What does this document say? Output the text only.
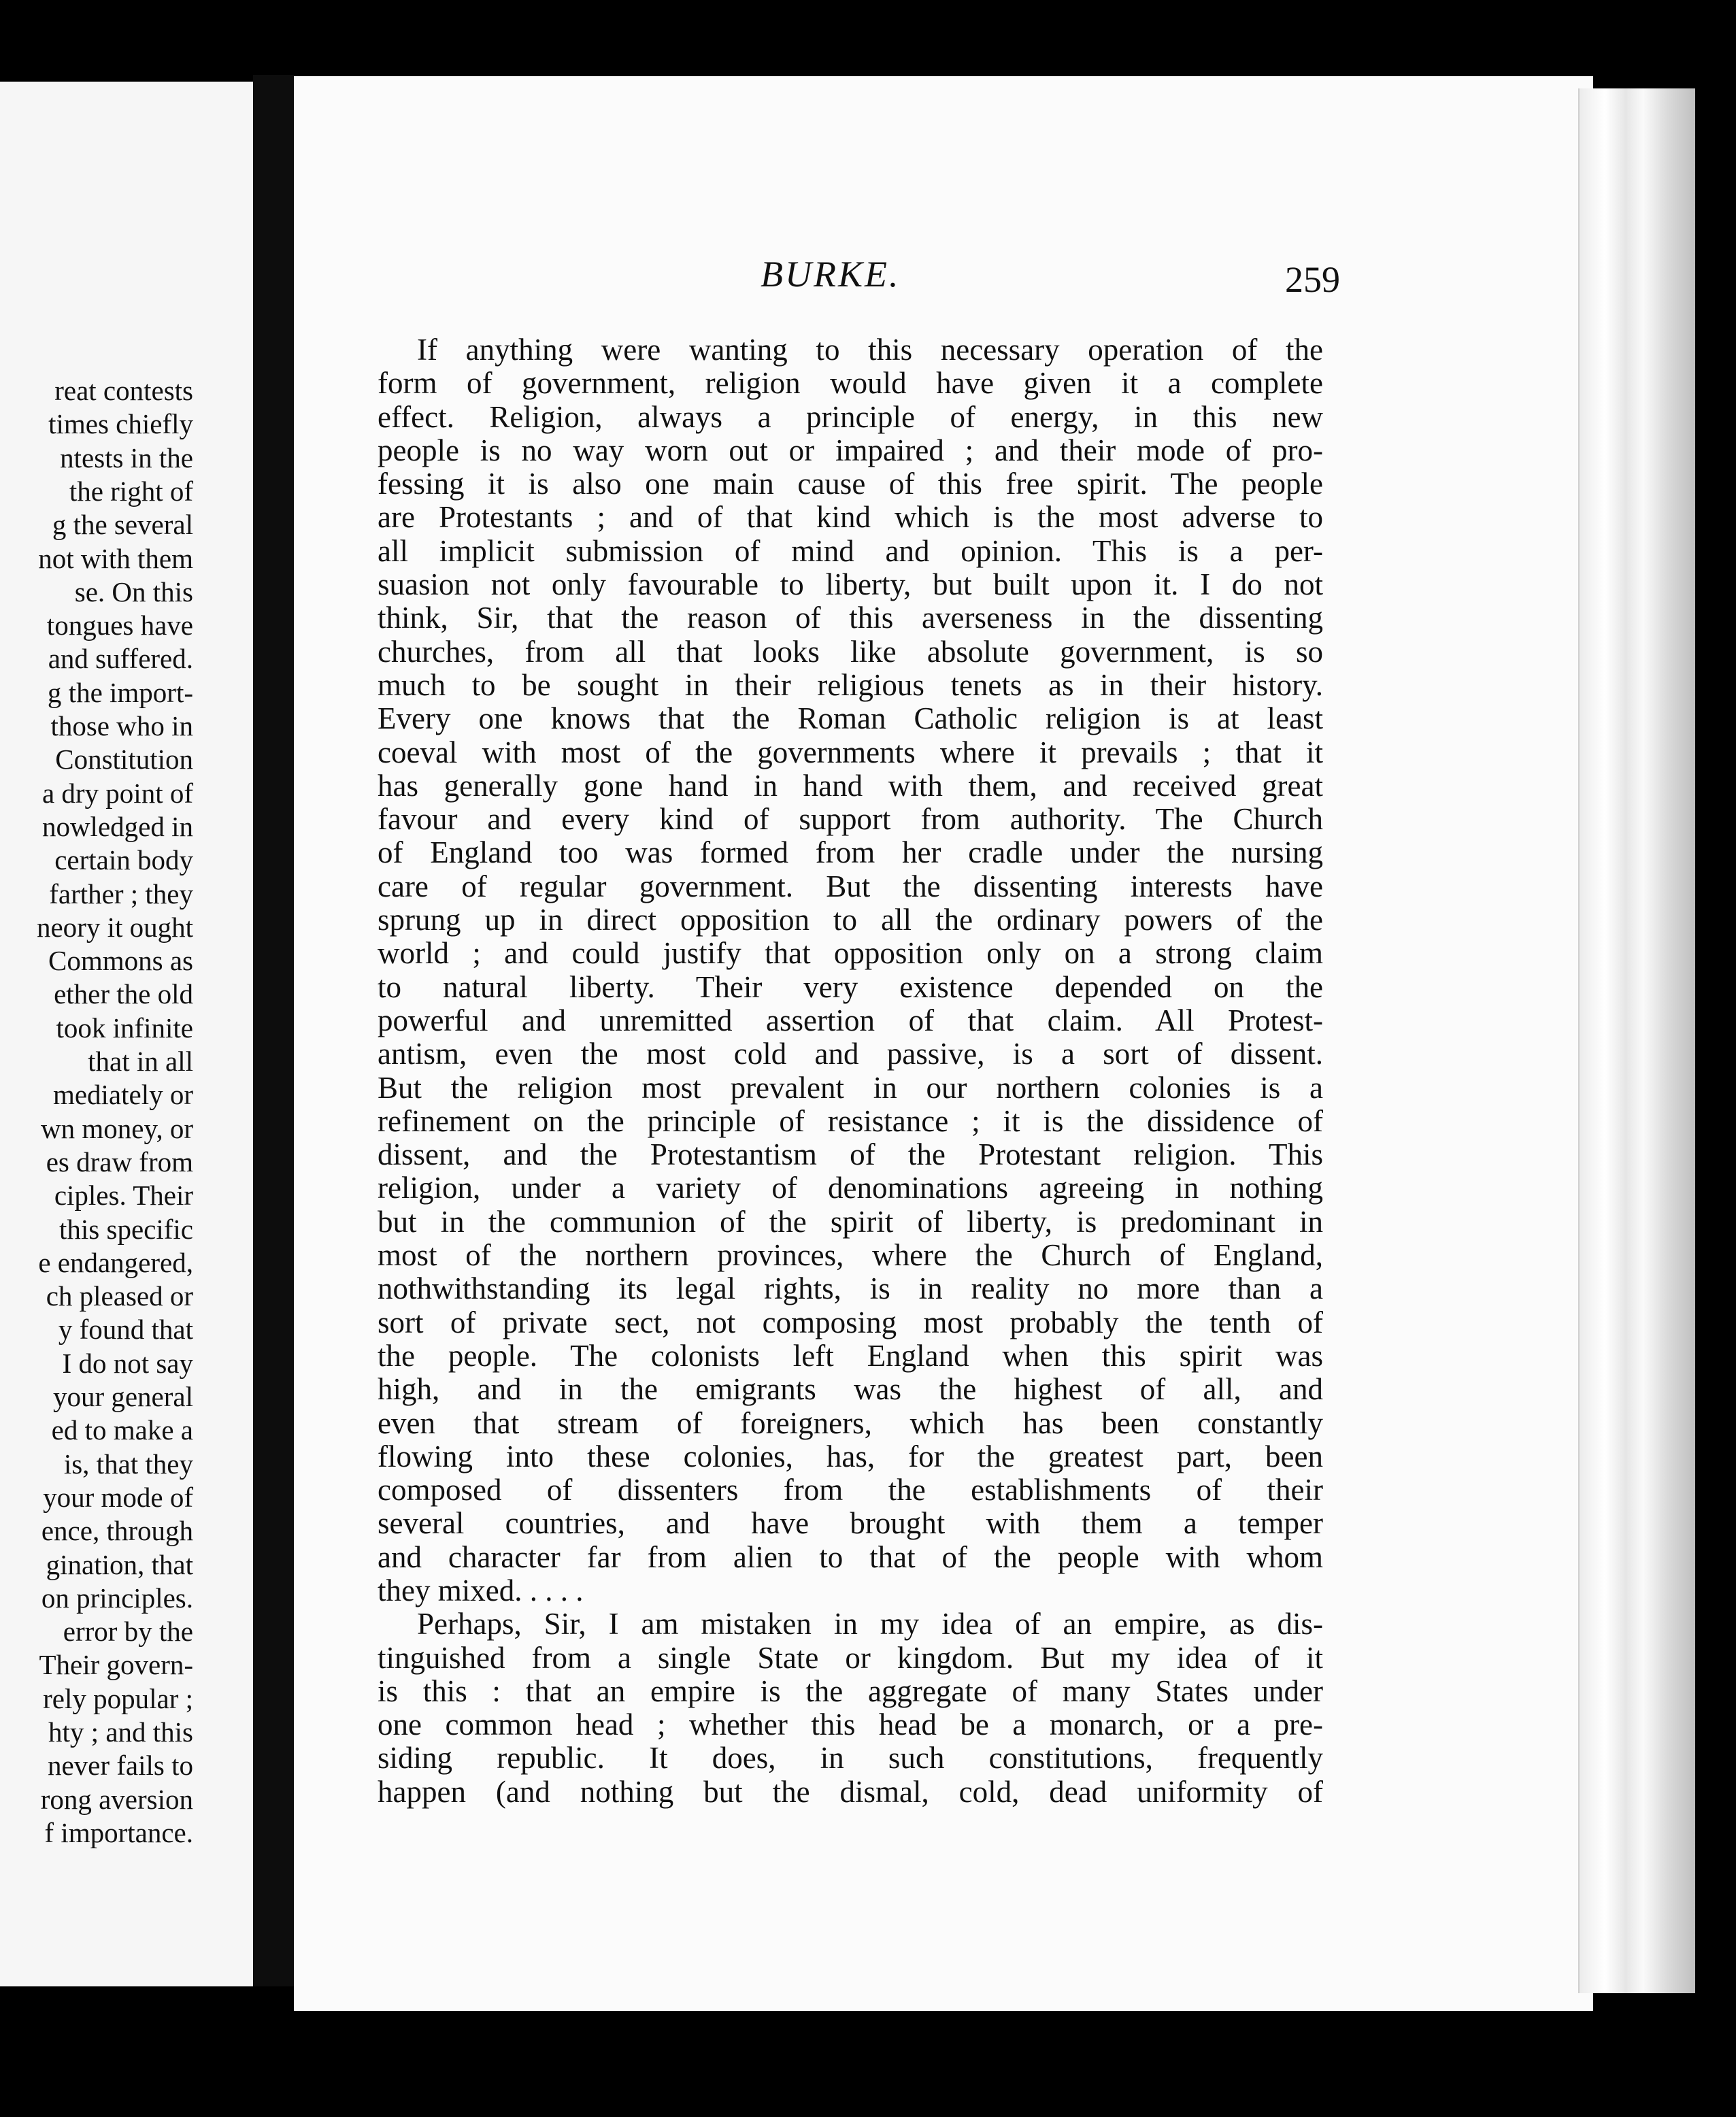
reat contests
times chiefly
ntests in the
the right of
g the several
not with them
se. On this
tongues have
and suffered.
g the import-
those who in
Constitution
a dry point of
nowledged in
certain body
farther ; they
neory it ought
Commons as
ether the old
took infinite
that in all
mediately or
wn money, or
es draw from
ciples. Their
this specific
e endangered,
ch pleased or
y found that
I do not say
your general
ed to make a
is, that they
your mode of
ence, through
gination, that
on principles.
error by the
Their govern-
rely popular ;
hty ; and this
never fails to
rong aversion
f importance.
BURKE.	259
If anything were wanting to this necessary operation of the
form of government, religion would have given it a complete
effect. Religion, always a principle of energy, in this new
people is no way worn out or impaired ; and their mode of pro-
fessing it is also one main cause of this free spirit. The people
are Protestants ; and of that kind which is the most adverse to
all implicit submission of mind and opinion. This is a per-
suasion not only favourable to liberty, but built upon it. I do not
think, Sir, that the reason of this averseness in the dissenting
churches, from all that looks like absolute government, is so
much to be sought in their religious tenets as in their history.
Every one knows that the Roman Catholic religion is at least
coeval with most of the governments where it prevails ; that it
has generally gone hand in hand with them, and received great
favour and every kind of support from authority. The Church
of England too was formed from her cradle under the nursing
care of regular government. But the dissenting interests have
sprung up in direct opposition to all the ordinary powers of the
world ; and could justify that opposition only on a strong claim
to natural liberty. Their very existence depended on the
powerful and unremitted assertion of that claim. All Protest-
antism, even the most cold and passive, is a sort of dissent.
But the religion most prevalent in our northern colonies is a
refinement on the principle of resistance ; it is the dissidence of
dissent, and the Protestantism of the Protestant religion. This
religion, under a variety of denominations agreeing in nothing
but in the communion of the spirit of liberty, is predominant in
most of the northern provinces, where the Church of England,
nothwithstanding its legal rights, is in reality no more than a
sort of private sect, not composing most probably the tenth of
the people. The colonists left England when this spirit was
high, and in the emigrants was the highest of all, and
even that stream of foreigners, which has been constantly
flowing into these colonies, has, for the greatest part, been
composed of dissenters from the establishments of their
several countries, and have brought with them a temper
and character far from alien to that of the people with whom
they mixed. . . . .
Perhaps, Sir, I am mistaken in my idea of an empire, as dis-
tinguished from a single State or kingdom. But my idea of it
is this : that an empire is the aggregate of many States under
one common head ; whether this head be a monarch, or a pre-
siding republic. It does, in such constitutions, frequently
happen (and nothing but the dismal, cold, dead uniformity of
